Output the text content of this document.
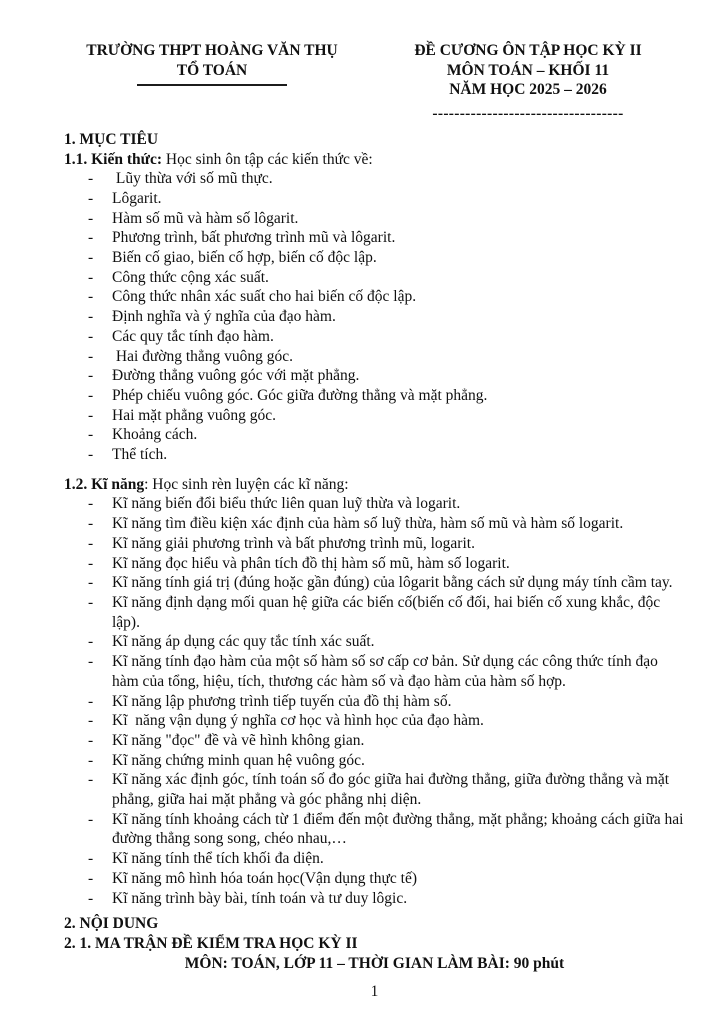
TRƯỜNG THPT HOÀNG VĂN THỤ
TỔ TOÁN
ĐỀ CƯƠNG ÔN TẬP HỌC KỲ II
MÔN TOÁN – KHỐI 11
NĂM HỌC 2025 – 2026
-----------------------------------
1. MỤC TIÊU

1.1. Kiến thức: Học sinh ôn tập các kiến thức về:

-	Lũy thừa với số mũ thực.
-	Lôgarit.
-	Hàm số mũ và hàm số lôgarit.
-	Phương trình, bất phương trình mũ và lôgarit.
-	Biến cố giao, biến cố hợp, biến cố độc lập.
-	Công thức cộng xác suất.
-	Công thức nhân xác suất cho hai biến cố độc lập.
-	Định nghĩa và ý nghĩa của đạo hàm.
-	Các quy tắc tính đạo hàm.
-	Hai đường thẳng vuông góc.
-	Đường thẳng vuông góc với mặt phẳng.
-	Phép chiếu vuông góc. Góc giữa đường thẳng và mặt phẳng.
-	Hai mặt phẳng vuông góc.
-	Khoảng cách.
-	Thể tích.

1.2. Kĩ năng: Học sinh rèn luyện các kĩ năng:

-	Kĩ năng biến đổi biểu thức liên quan luỹ thừa và logarit.
-	Kĩ năng tìm điều kiện xác định của hàm số luỹ thừa, hàm số mũ và hàm số logarit.
-	Kĩ năng giải phương trình và bất phương trình mũ, logarit.
-	Kĩ năng đọc hiểu và phân tích đồ thị hàm số mũ, hàm số logarit.
-	Kĩ năng tính giá trị (đúng hoặc gần đúng) của lôgarit bằng cách sử dụng máy tính cầm tay.
-	Kĩ năng định dạng mối quan hệ giữa các biến cố(biến cố đối, hai biến cố xung khắc, độc lập).
-	Kĩ năng áp dụng các quy tắc tính xác suất.
-	Kĩ năng tính đạo hàm của một số hàm số sơ cấp cơ bản. Sử dụng các công thức tính đạo hàm của tổng, hiệu, tích, thương các hàm số và đạo hàm của hàm số hợp.
-	Kĩ năng lập phương trình tiếp tuyến của đồ thị hàm số.
-	Kĩ  năng vận dụng ý nghĩa cơ học và hình học của đạo hàm.
-	Kĩ năng "đọc" đề và vẽ hình không gian.
-	Kĩ năng chứng minh quan hệ vuông góc.
-	Kĩ năng xác định góc, tính toán số đo góc giữa hai đường thẳng, giữa đường thẳng và mặt phẳng, giữa hai mặt phẳng và góc phẳng nhị diện.
-	Kĩ năng tính khoảng cách từ 1 điểm đến một đường thẳng, mặt phẳng; khoảng cách giữa hai đường thẳng song song, chéo nhau,…
-	Kĩ năng tính thể tích khối đa diện.
-	Kĩ năng mô hình hóa toán học(Vận dụng thực tế)
-	Kĩ năng trình bày bài, tính toán và tư duy lôgic.
2. NỘI DUNG
2. 1. MA TRẬN ĐỀ KIỂM TRA HỌC KỲ II
MÔN: TOÁN, LỚP 11 – THỜI GIAN LÀM BÀI: 90 phút
1
